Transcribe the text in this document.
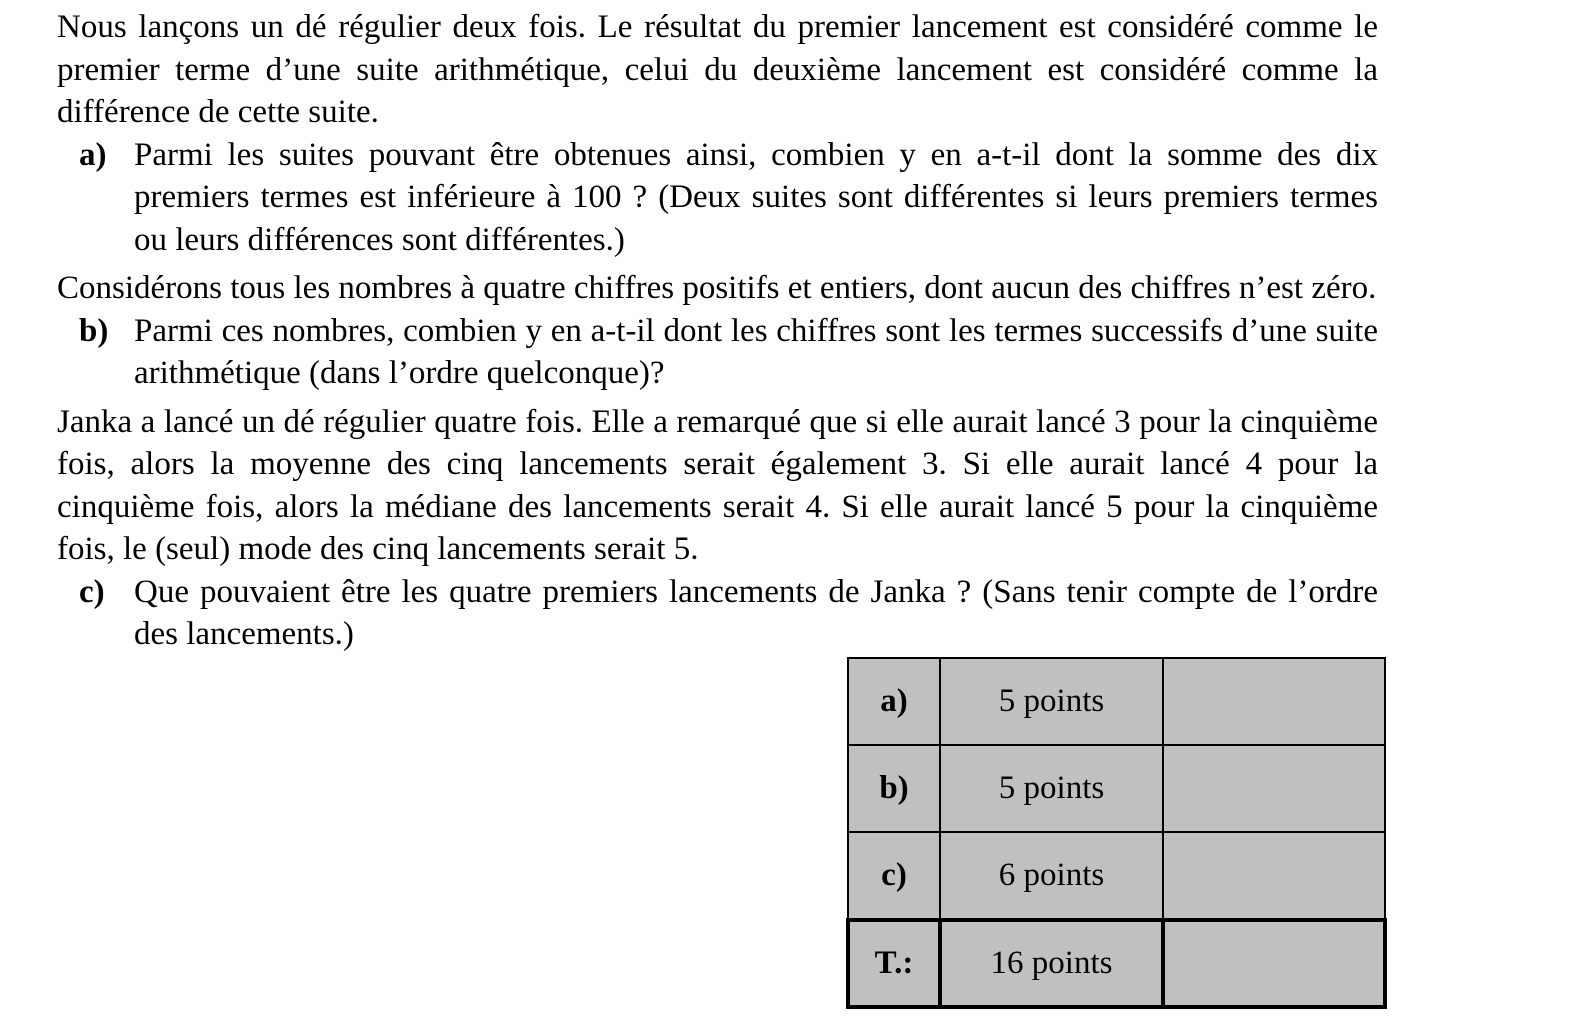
Nous lançons un dé régulier deux fois. Le résultat du premier lancement est considéré comme le premier terme d’une suite arithmétique, celui du deuxième lancement est considéré comme la différence de cette suite.

a) Parmi les suites pouvant être obtenues ainsi, combien y en a-t-il dont la somme des dix premiers termes est inférieure à 100 ? (Deux suites sont différentes si leurs premiers termes ou leurs différences sont différentes.)

Considérons tous les nombres à quatre chiffres positifs et entiers, dont aucun des chiffres n’est zéro.

b) Parmi ces nombres, combien y en a-t-il dont les chiffres sont les termes successifs d’une suite arithmétique (dans l’ordre quelconque)?

Janka a lancé un dé régulier quatre fois. Elle a remarqué que si elle aurait lancé 3 pour la cinquième fois, alors la moyenne des cinq lancements serait également 3. Si elle aurait lancé 4 pour la cinquième fois, alors la médiane des lancements serait 4. Si elle aurait lancé 5 pour la cinquième fois, le (seul) mode des cinq lancements serait 5.

c) Que pouvaient être les quatre premiers lancements de Janka ? (Sans tenir compte de l’ordre des lancements.)
a)	5 points	
b)	5 points	
c)	6 points	
T.:	16 points	
